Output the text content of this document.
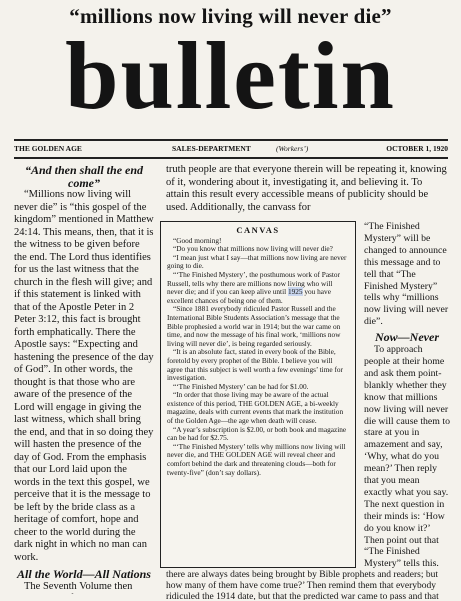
“millions now living will never die”
bulletin
THE GOLDEN AGE	SALES-DEPARTMENT	(Workers’)	OCTOBER 1, 1920

“And then shall the end come”

“Millions now living will never die” is “this gospel of the kingdom” mentioned in Matthew 24:14. This means, then, that it is the witness to be given before the end. The Lord thus identifies for us the last witness that the church in the flesh will give; and if this statement is linked with that of the Apostle Peter in 2 Peter 3:12, this fact is brought forth emphatically. There the Apostle says: “Expecting and hastening the presence of the day of God”. In other words, the thought is that those who are aware of the presence of the Lord will engage in giving the last witness, which shall bring the end, and that in so doing they will hasten the presence of the day of God. From the emphasis that our Lord laid upon the words in the text this gospel, we perceive that it is the message to be left by the bride class as a heritage of comfort, hope and cheer to the world during the dark night in which no man can work.

All the World—All Nations

The Seventh Volume then

truth people are that everyone therein will be repeating it, knowing of it, wondering about it, investigating it, and believing it. To attain this result every accessible means of publicity should be used. Additionally, the canvass for

CANVAS

“Good morning!

“Do you know that millions now living will never die?

“I mean just what I say—that millions now living are never going to die.

“‘The Finished Mystery’, the posthumous work of Pastor Russell, tells why there are millions now living who will never die; and if you can keep alive until 1925 you have excellent chances of being one of them.

“Since 1881 everybody ridiculed Pastor Russell and the International Bible Students Association’s message that the Bible prophesied a world war in 1914; but the war came on time, and now the message of his final work, ‘millions now living will never die’, is being regarded seriously.

“It is an absolute fact, stated in every book of the Bible, foretold by every prophet of the Bible. I believe you will agree that this subject is well worth a few evenings’ time for investigation.

“‘The Finished Mystery’ can be had for $1.00.

“In order that those living may be aware of the actual existence of this period, THE GOLDEN AGE, a bi-weekly magazine, deals with current events that mark the institution of the Golden Age—the age when death will cease.

“A year’s subscription is $2.00, or both book and magazine can be had for $2.75.

“‘The Finished Mystery’ tells why millions now living will never die, and THE GOLDEN AGE will reveal cheer and comfort behind the dark and threatening clouds—both for twenty-five” (don’t say dollars).

“The Finished Mystery” will be changed to announce this message and to tell that “The Finished Mystery” tells why “millions now living will never die”.

Now—Never

To approach people at their home and ask them point-blankly whether they know that millions now living will never die will cause them to stare at you in amazement and say, ‘Why, what do you mean?’ Then reply that you mean exactly what you say. The next question in their minds is: ‘How do you know it?’ Then point out that “The Finished Mystery” tells this.

there are always dates being brought by Bible prophets and readers; but how many of them have come true?’ Then remind them that everybody ridiculed the 1914 date, but that the predicted war came to pass and that
